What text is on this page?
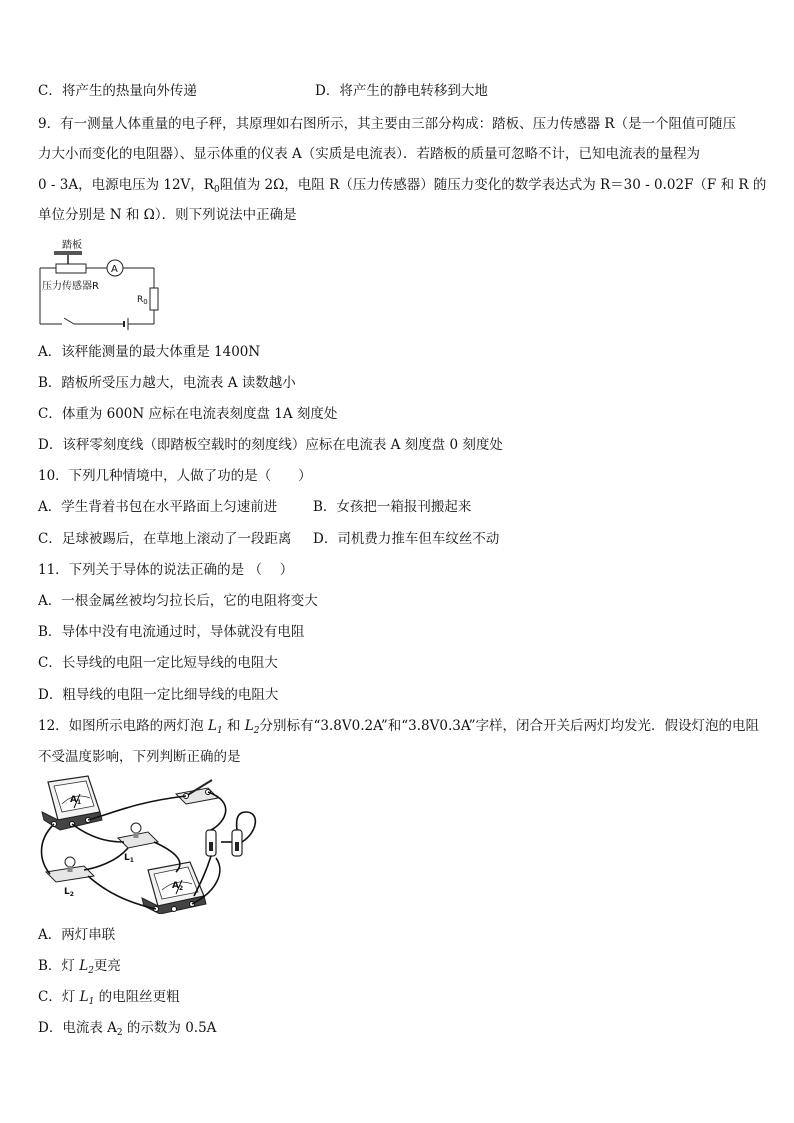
C．将产生的热量向外传递	D．将产生的静电转移到大地
9．有一测量人体重量的电子秤，其原理如右图所示，其主要由三部分构成：踏板、压力传感器 R（是一个阻值可随压
力大小而变化的电阻器）、显示体重的仪表 A（实质是电流表）．若踏板的质量可忽略不计，已知电流表的量程为
0 - 3A，电源电压为 12V，$R_0$阻值为 2Ω，电阻 R（压力传感器）随压力变化的数学表达式为 R＝30 - 0.02F（F 和 R 的
单位分别是 N 和 Ω）．则下列说法中正确是
踏板
A
$R_0$
压力传感器R
A．该秤能测量的最大体重是 1400N
B．踏板所受压力越大，电流表 A 读数越小
C．体重为 600N 应标在电流表刻度盘 1A 刻度处
D．该秤零刻度线（即踏板空载时的刻度线）应标在电流表 A 刻度盘 0 刻度处
10．下列几种情境中，人做了功的是（　　）
A．学生背着书包在水平路面上匀速前进	B．女孩把一箱报刊搬起来
C．足球被踢后，在草地上滚动了一段距离 D．司机费力推车但车纹丝不动
11．下列关于导体的说法正确的是 （　 ）
A．一根金属丝被均匀拉长后，它的电阻将变大
B．导体中没有电流通过时，导体就没有电阻
C．长导线的电阻一定比短导线的电阻大
D．粗导线的电阻一定比细导线的电阻大
12．如图所示电路的两灯泡 $L_1$ 和 $L_2$分别标有“3.8V0.2A”和“3.8V0.3A”字样，闭合开关后两灯均发光．假设灯泡的电阻
不受温度影响，下列判断正确的是
$A_1$
$L_1$
$L_2$
$A_2$
A．两灯串联
B．灯 $L_2$更亮
C．灯 $L_1$ 的电阻丝更粗
D．电流表 $A_2$ 的示数为 0.5A
